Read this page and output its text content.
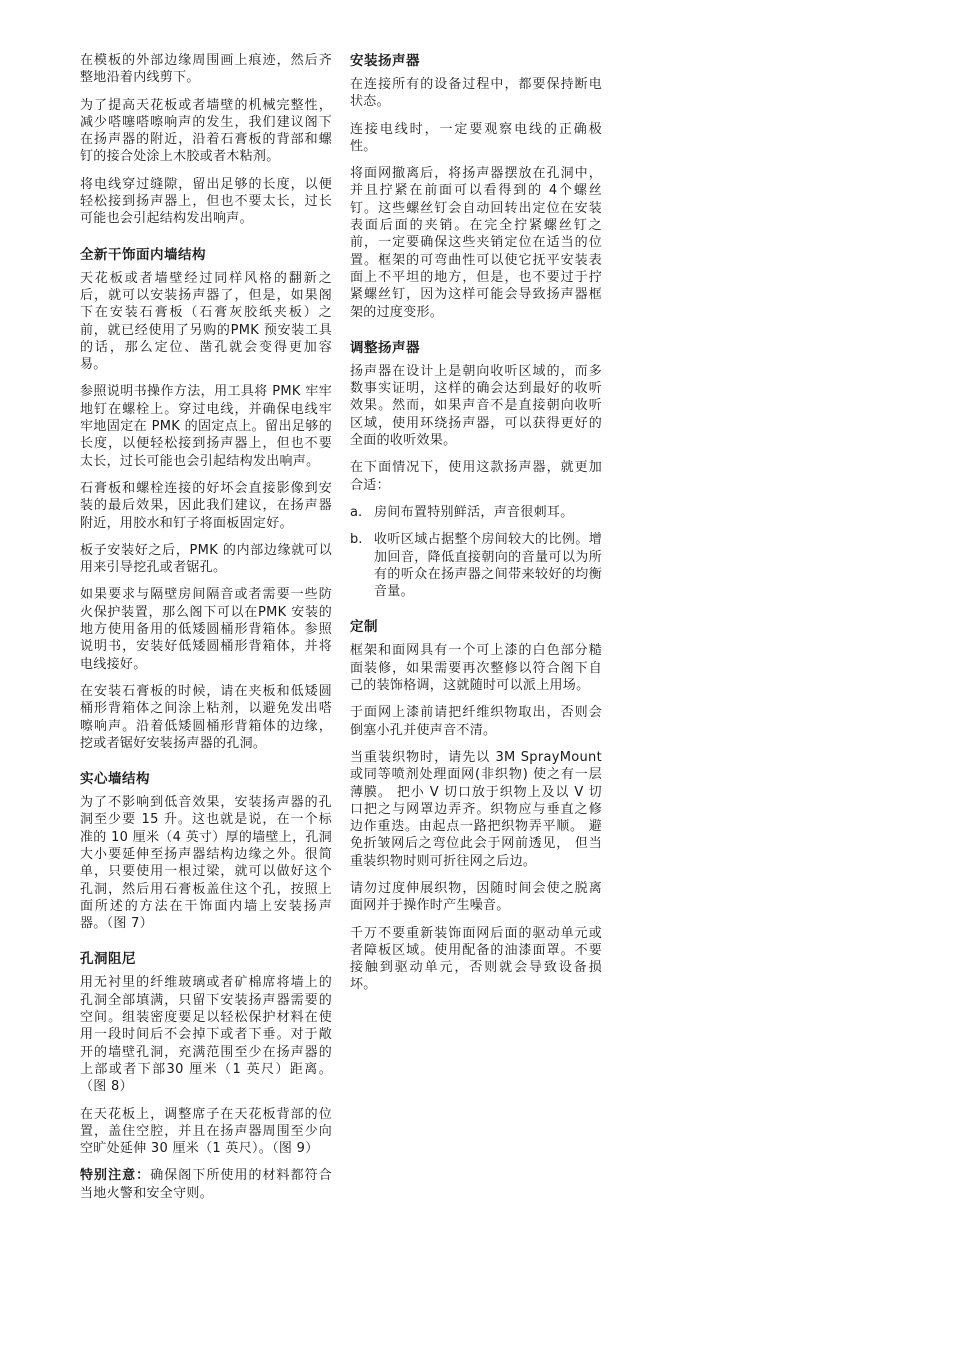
在模板的外部边缘周围画上痕迹，然后齐整地沿着内线剪下。

为了提高天花板或者墙壁的机械完整性，减少嗒噻嗒嚓响声的发生，我们建议阁下在扬声器的附近，沿着石膏板的背部和螺钉的接合处涂上木胶或者木粘剂。

将电线穿过缝隙，留出足够的长度，以便轻松接到扬声器上，但也不要太长，过长可能也会引起结构发出响声。

全新干饰面内墙结构

天花板或者墙壁经过同样风格的翻新之后，就可以安装扬声器了，但是，如果阁下在安装石膏板（石膏灰胶纸夹板）之前，就已经使用了另购的PMK 预安装工具的话，那么定位、凿孔就会变得更加容易。

参照说明书操作方法，用工具将 PMK 牢牢地钉在螺栓上。穿过电线，并确保电线牢牢地固定在 PMK 的固定点上。留出足够的长度，以便轻松接到扬声器上，但也不要太长，过长可能也会引起结构发出响声。

石膏板和螺栓连接的好坏会直接影像到安装的最后效果，因此我们建议，在扬声器附近，用胶水和钉子将面板固定好。

板子安装好之后，PMK 的内部边缘就可以用来引导挖孔或者锯孔。

如果要求与隔壁房间隔音或者需要一些防火保护装置，那么阁下可以在PMK 安装的地方使用备用的低矮圆桶形背箱体。参照说明书，安装好低矮圆桶形背箱体，并将电线接好。

在安装石膏板的时候，请在夹板和低矮圆桶形背箱体之间涂上粘剂，以避免发出嗒嚓响声。沿着低矮圆桶形背箱体的边缘，挖或者锯好安装扬声器的孔洞。

实心墙结构

为了不影响到低音效果，安装扬声器的孔洞至少要 15 升。这也就是说，在一个标准的 10 厘米（4 英寸）厚的墙壁上，孔洞大小要延伸至扬声器结构边缘之外。很简单，只要使用一根过梁，就可以做好这个孔洞，然后用石膏板盖住这个孔，按照上面所述的方法在干饰面内墙上安装扬声器。（图 7）

孔洞阻尼

用无衬里的纤维玻璃或者矿棉席将墙上的孔洞全部填满，只留下安装扬声器需要的空间。组装密度要足以轻松保护材料在使用一段时间后不会掉下或者下垂。对于敞开的墙壁孔洞，充满范围至少在扬声器的上部或者下部30 厘米（1 英尺）距离。（图 8）

在天花板上，调整席子在天花板背部的位置，盖住空腔，并且在扬声器周围至少向空旷处延伸 30 厘米（1 英尺）。（图 9）

特别注意：确保阁下所使用的材料都符合当地火警和安全守则。

安装扬声器

在连接所有的设备过程中，都要保持断电状态。

连接电线时，一定要观察电线的正确极性。

将面网撤离后，将扬声器摆放在孔洞中，并且拧紧在前面可以看得到的 4个螺丝钉。这些螺丝钉会自动回转出定位在安装表面后面的夹销。在完全拧紧螺丝钉之前，一定要确保这些夹销定位在适当的位置。框架的可弯曲性可以使它抚平安装表面上不平坦的地方，但是，也不要过于拧紧螺丝钉，因为这样可能会导致扬声器框架的过度变形。

调整扬声器

扬声器在设计上是朝向收听区域的，而多数事实证明，这样的确会达到最好的收听效果。然而，如果声音不是直接朝向收听区域，使用环绕扬声器，可以获得更好的全面的收听效果。

在下面情况下，使用这款扬声器，就更加合适：

a. 房间布置特别鲜活，声音很刺耳。
b. 收听区域占据整个房间较大的比例。增加回音，降低直接朝向的音量可以为所有的听众在扬声器之间带来较好的均衡音量。
定制

框架和面网具有一个可上漆的白色部分糙面装修，如果需要再次整修以符合阁下自己的装饰格调，这就随时可以派上用场。

于面网上漆前请把纤维织物取出，否则会倒塞小孔并使声音不清。

当重装织物时，请先以 3M SprayMount 或同等喷剂处理面网(非织物) 使之有一层薄膜。 把小 V 切口放于织物上及以 V 切口把之与网罩边弄齐。织物应与垂直之修边作重迭。由起点一路把织物弄平顺。 避免折皱网后之弯位此会于网前透见， 但当重装织物时则可折往网之后边。

请勿过度伸展织物，因随时间会使之脱离面网并于操作时产生噪音。

千万不要重新装饰面网后面的驱动单元或者障板区域。使用配备的油漆面罩。不要接触到驱动单元，否则就会导致设备损坏。
